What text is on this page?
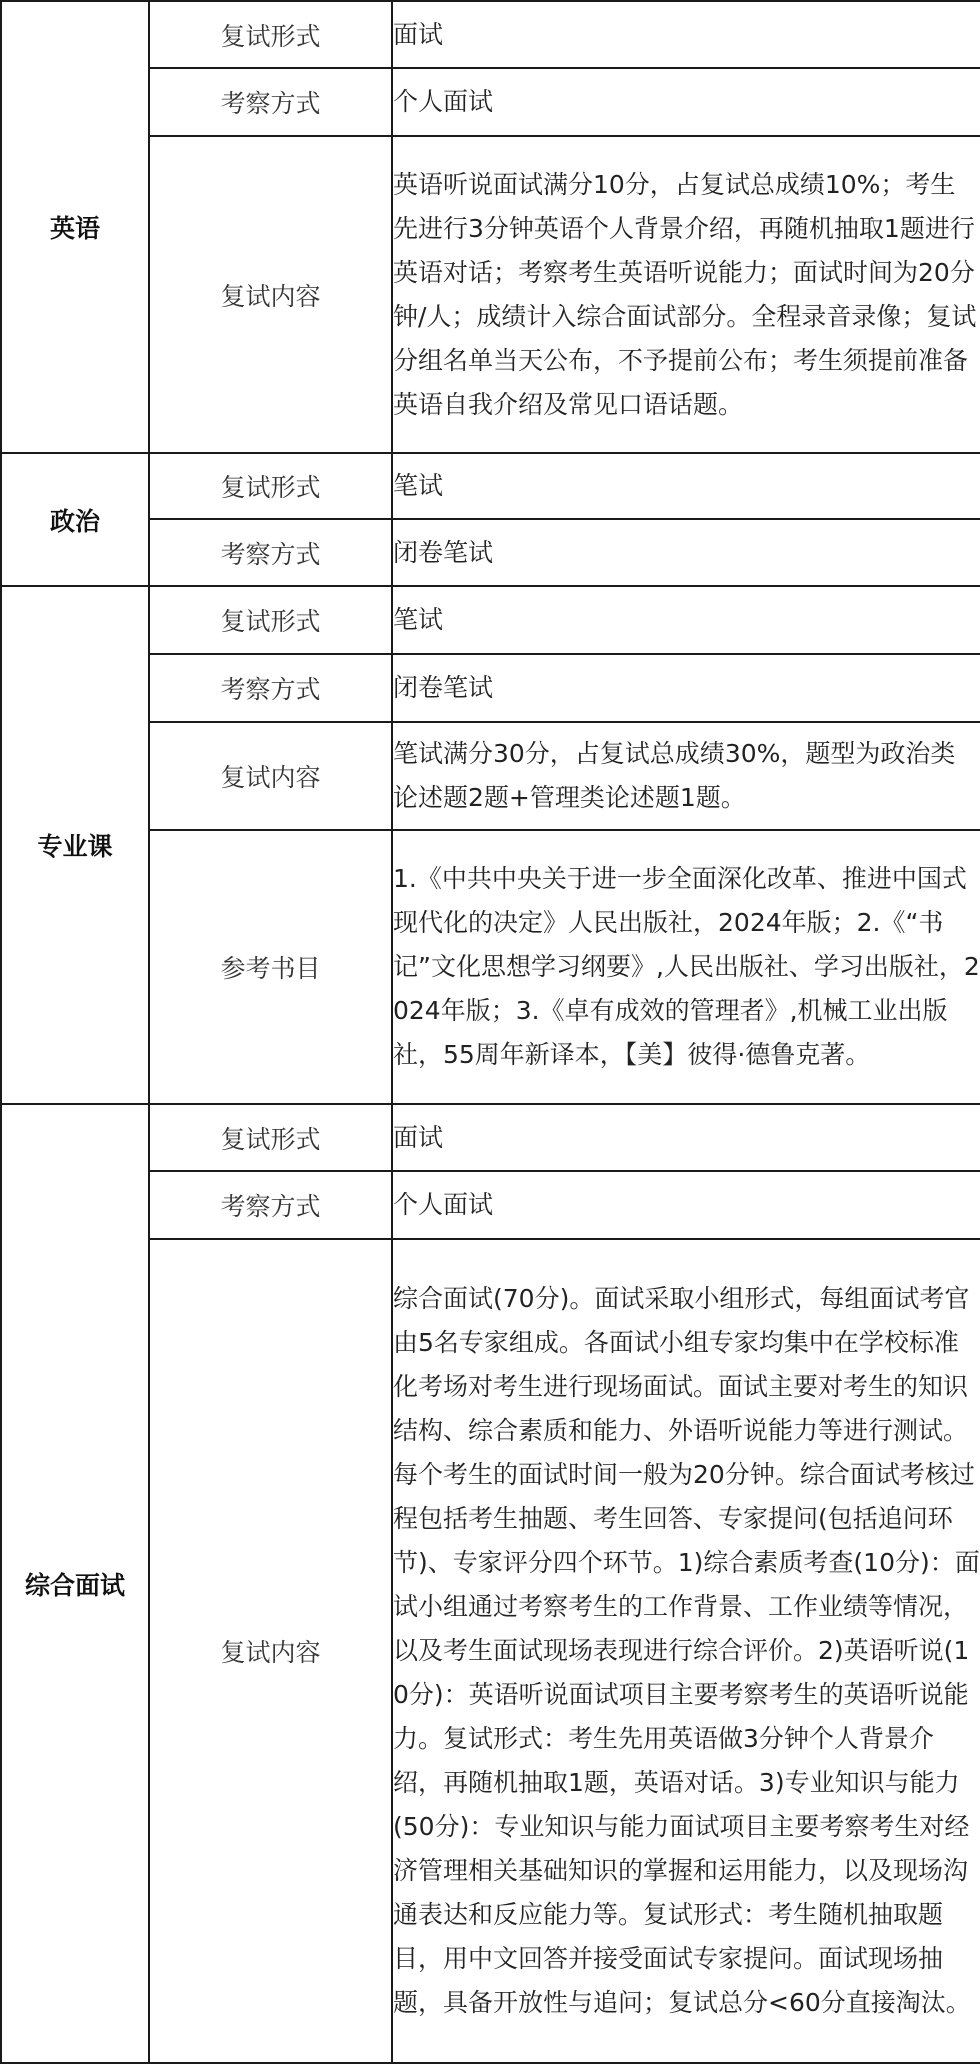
英语	复试形式	面试

	考察方式	个人面试

	复试内容	英语听说面试满分10分，占复试总成绩10%；考生先进行3分钟英语个人背景介绍，再随机抽取1题进行英语对话；考察考生英语听说能力；面试时间为20分钟/人；成绩计入综合面试部分。全程录音录像；复试分组名单当天公布，不予提前公布；考生须提前准备英语自我介绍及常见口语话题。

政治	复试形式	笔试

	考察方式	闭卷笔试

专业课	复试形式	笔试

	考察方式	闭卷笔试

	复试内容	笔试满分30分，占复试总成绩30%，题型为政治类论述题2题+管理类论述题1题。

	参考书目	1.《中共中央关于进一步全面深化改革、推进中国式现代化的决定》人民出版社，2024年版；2.《“书记”文化思想学习纲要》,人民出版社、学习出版社，2024年版；3.《卓有成效的管理者》,机械工业出版社，55周年新译本，【美】彼得·德鲁克著。

综合面试	复试形式	面试

	考察方式	个人面试

	复试内容	综合面试(70分)。面试采取小组形式，每组面试考官由5名专家组成。各面试小组专家均集中在学校标准化考场对考生进行现场面试。面试主要对考生的知识结构、综合素质和能力、外语听说能力等进行测试。每个考生的面试时间一般为20分钟。综合面试考核过程包括考生抽题、考生回答、专家提问(包括追问环节)、专家评分四个环节。1)综合素质考查(10分)：面试小组通过考察考生的工作背景、工作业绩等情况，以及考生面试现场表现进行综合评价。2)英语听说(10分)：英语听说面试项目主要考察考生的英语听说能力。复试形式：考生先用英语做3分钟个人背景介绍，再随机抽取1题，英语对话。3)专业知识与能力(50分)：专业知识与能力面试项目主要考察考生对经济管理相关基础知识的掌握和运用能力，以及现场沟通表达和反应能力等。复试形式：考生随机抽取题目，用中文回答并接受面试专家提问。面试现场抽题，具备开放性与追问；复试总分<60分直接淘汰。
